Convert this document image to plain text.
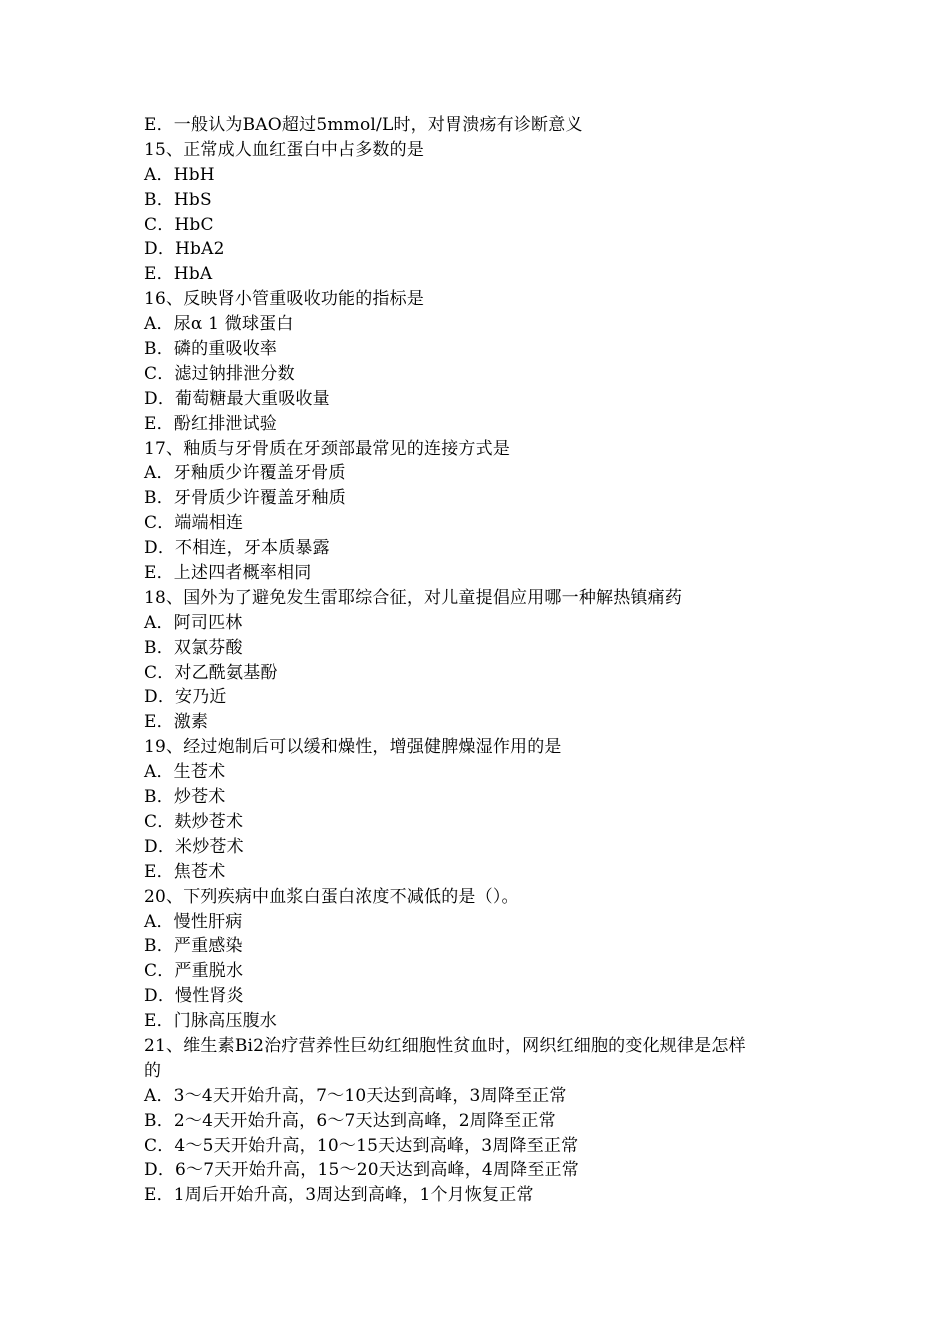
E．一般认为BAO超过5mmol/L时，对胃溃疡有诊断意义
15、正常成人血红蛋白中占多数的是
A．HbH
B．HbS
C．HbC
D．HbA2
E．HbA
16、反映肾小管重吸收功能的指标是
A．尿α 1 微球蛋白
B．磷的重吸收率
C．滤过钠排泄分数
D．葡萄糖最大重吸收量
E．酚红排泄试验
17、釉质与牙骨质在牙颈部最常见的连接方式是
A．牙釉质少许覆盖牙骨质
B．牙骨质少许覆盖牙釉质
C．端端相连
D．不相连，牙本质暴露
E．上述四者概率相同
18、国外为了避免发生雷耶综合征，对儿童提倡应用哪一种解热镇痛药
A．阿司匹林
B．双氯芬酸
C．对乙酰氨基酚
D．安乃近
E．激素
19、经过炮制后可以缓和燥性，增强健脾燥湿作用的是
A．生苍术
B．炒苍术
C．麸炒苍术
D．米炒苍术
E．焦苍术
20、下列疾病中血浆白蛋白浓度不减低的是（）。
A．慢性肝病
B．严重感染
C．严重脱水
D．慢性肾炎
E．门脉高压腹水
21、维生素Bi2治疗营养性巨幼红细胞性贫血时，网织红细胞的变化规律是怎样
的
A．3～4天开始升高，7～10天达到高峰，3周降至正常
B．2～4天开始升高，6～7天达到高峰，2周降至正常
C．4～5天开始升高，10～15天达到高峰，3周降至正常
D．6～7天开始升高，15～20天达到高峰，4周降至正常
E．1周后开始升高，3周达到高峰，1个月恢复正常
